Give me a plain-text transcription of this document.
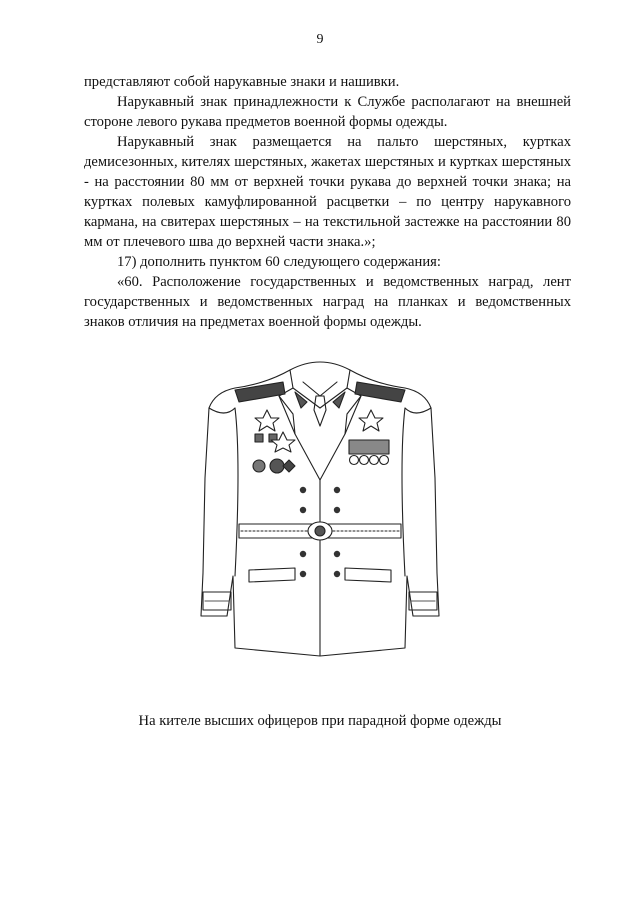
9

представляют собой нарукавные знаки и нашивки.

Нарукавный знак принадлежности к Службе располагают на внешней стороне левого рукава предметов военной формы одежды.

Нарукавный знак размещается на пальто шерстяных, куртках демисезонных, кителях шерстяных, жакетах шерстяных и куртках шерстяных - на расстоянии 80 мм от верхней точки рукава до верхней точки знака; на куртках полевых камуфлированной расцветки – по центру нарукавного кармана, на свитерах шерстяных – на текстильной застежке на расстоянии 80 мм от плечевого шва до верхней части знака.»;

17) дополнить пунктом 60 следующего содержания:

«60. Расположение государственных и ведомственных наград, лент государственных и ведомственных наград на планках и ведомственных знаков отличия на предметах военной формы одежды.

На кителе высших офицеров при парадной форме одежды
